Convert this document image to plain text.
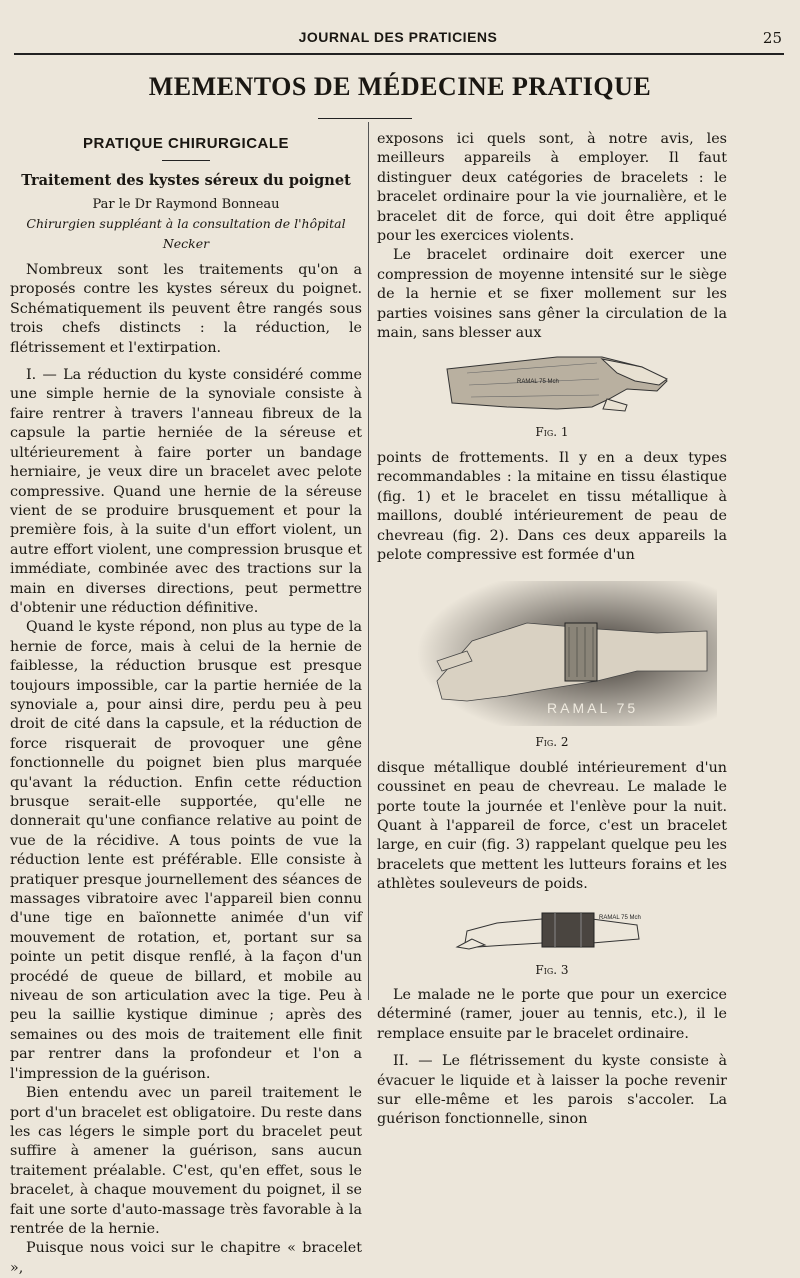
JOURNAL DES PRATICIENS	25
MEMENTOS DE MÉDECINE PRATIQUE
PRATIQUE CHIRURGICALE
Traitement des kystes séreux du poignet
Par le Dr Raymond Bonneau
Chirurgien suppléant à la consultation de l'hôpital Necker

Nombreux sont les traitements qu'on a proposés contre les kystes séreux du poignet. Schématiquement ils peuvent être rangés sous trois chefs distincts : la réduction, le flétrissement et l'extirpation.

I. — La réduction du kyste considéré comme une simple hernie de la synoviale consiste à faire rentrer à travers l'anneau fibreux de la capsule la partie herniée de la séreuse et ultérieurement à faire porter un bandage herniaire, je veux dire un bracelet avec pelote compressive. Quand une hernie de la séreuse vient de se produire brusquement et pour la première fois, à la suite d'un effort violent, un autre effort violent, une compression brusque et immédiate, combinée avec des tractions sur la main en diverses directions, peut permettre d'obtenir une réduction définitive.

Quand le kyste répond, non plus au type de la hernie de force, mais à celui de la hernie de faiblesse, la réduction brusque est presque toujours impossible, car la partie herniée de la synoviale a, pour ainsi dire, perdu peu à peu droit de cité dans la capsule, et la réduction de force risquerait de provoquer une gêne fonctionnelle du poignet bien plus marquée qu'avant la réduction. Enfin cette réduction brusque serait-elle supportée, qu'elle ne donnerait qu'une confiance relative au point de vue de la récidive. A tous points de vue la réduction lente est préférable. Elle consiste à pratiquer presque journellement des séances de massages vibratoire avec l'appareil bien connu d'une tige en baïonnette animée d'un vif mouvement de rotation, et, portant sur sa pointe un petit disque renflé, à la façon d'un procédé de queue de billard, et mobile au niveau de son articulation avec la tige. Peu à peu la saillie kystique diminue ; après des semaines ou des mois de traitement elle finit par rentrer dans la profondeur et l'on a l'impression de la guérison.

Bien entendu avec un pareil traitement le port d'un bracelet est obligatoire. Du reste dans les cas légers le simple port du bracelet peut suffire à amener la guérison, sans aucun traitement préalable. C'est, qu'en effet, sous le bracelet, à chaque mouvement du poignet, il se fait une sorte d'auto-massage très favorable à la rentrée de la hernie.

Puisque nous voici sur le chapitre « bracelet »,

exposons ici quels sont, à notre avis, les meilleurs appareils à employer. Il faut distinguer deux catégories de bracelets : le bracelet ordinaire pour la vie journalière, et le bracelet dit de force, qui doit être appliqué pour les exercices violents.

Le bracelet ordinaire doit exercer une compression de moyenne intensité sur le siège de la hernie et se fixer mollement sur les parties voisines sans gêner la circulation de la main, sans blesser aux

RAMAL 75 Mch
Fig. 1

points de frottements. Il y en a deux types recommandables : la mitaine en tissu élastique (fig. 1) et le bracelet en tissu métallique à maillons, doublé intérieurement de peau de chevreau (fig. 2). Dans ces deux appareils la pelote compressive est formée d'un

RAMAL 75
Fig. 2

disque métallique doublé intérieurement d'un coussinet en peau de chevreau. Le malade le porte toute la journée et l'enlève pour la nuit. Quant à l'appareil de force, c'est un bracelet large, en cuir (fig. 3) rappelant quelque peu les bracelets que mettent les lutteurs forains et les athlètes souleveurs de poids.

RAMAL 75 Mch
Fig. 3

Le malade ne le porte que pour un exercice déterminé (ramer, jouer au tennis, etc.), il le remplace ensuite par le bracelet ordinaire.

II. — Le flétrissement du kyste consiste à évacuer le liquide et à laisser la poche revenir sur elle-même et les parois s'accoler. La guérison fonctionnelle, sinon
